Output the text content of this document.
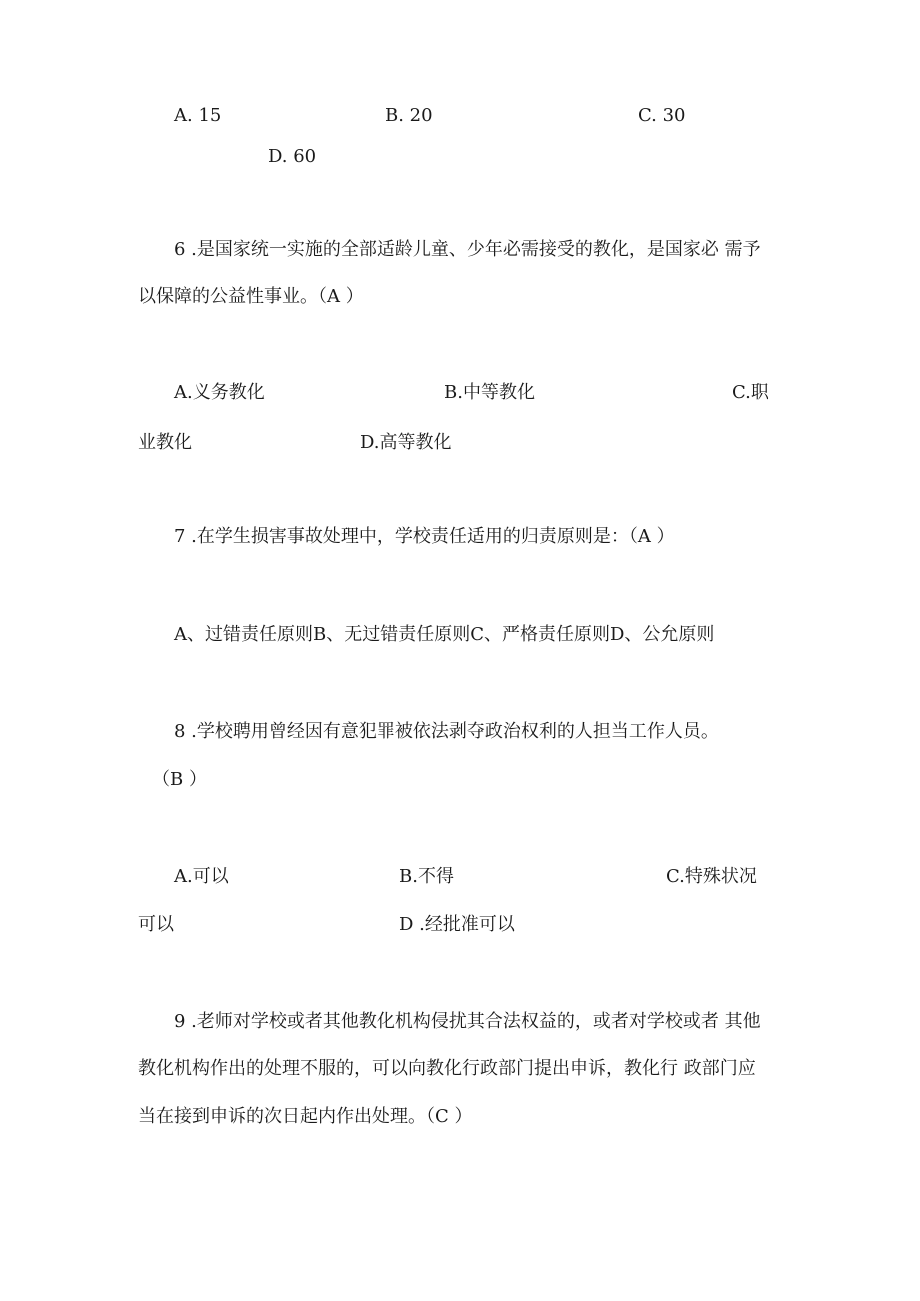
A. 15	B. 20	C. 30
D. 60
6 .是国家统一实施的全部适龄儿童、少年必需接受的教化，是国家必 需予
以保障的公益性事业。（A ）
A.义务教化	B.中等教化	C.职
业教化	D.高等教化
7 .在学生损害事故处理中，学校责任适用的归责原则是：（A ）
A、过错责任原则B、无过错责任原则C、严格责任原则D、公允原则
8 .学校聘用曾经因有意犯罪被依法剥夺政治权利的人担当工作人员。
（B ）
A.可以	B.不得	C.特殊状况
可以	D .经批准可以
9 .老师对学校或者其他教化机构侵扰其合法权益的，或者对学校或者 其他
教化机构作出的处理不服的，可以向教化行政部门提出申诉，教化行 政部门应
当在接到申诉的次日起内作出处理。（C ）
